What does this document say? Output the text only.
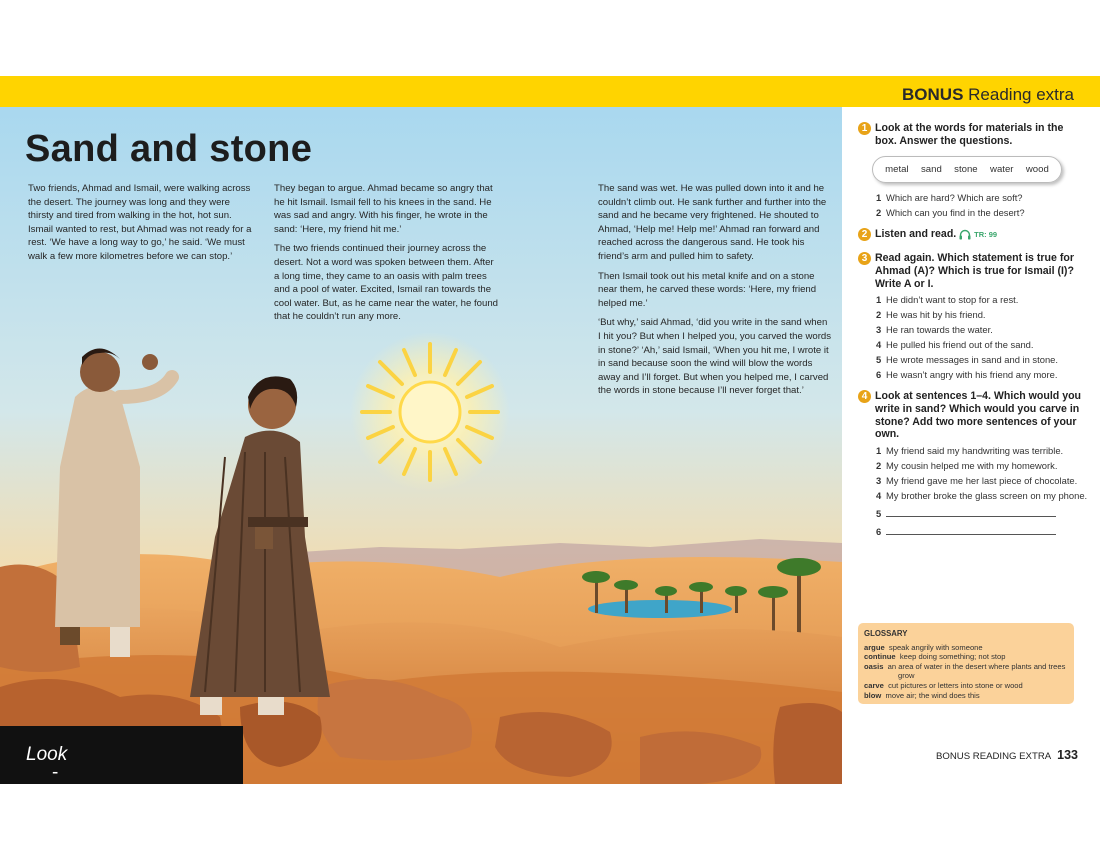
BONUS Reading extra
Sand and stone

Two friends, Ahmad and Ismail, were walking across the desert. The journey was long and they were thirsty and tired from walking in the hot, hot sun. Ismail wanted to rest, but Ahmad was not ready for a rest. ‘We have a long way to go,’ he said. ‘We must walk a few more kilometres before we can stop.’

They began to argue. Ahmad became so angry that he hit Ismail. Ismail fell to his knees in the sand. He was sad and angry. With his finger, he wrote in the sand: ‘Here, my friend hit me.’

The two friends continued their journey across the desert. Not a word was spoken between them. After a long time, they came to an oasis with palm trees and a pool of water. Excited, Ismail ran towards the cool water. But, as he came near the water, he found that he couldn’t run any more.

The sand was wet. He was pulled down into it and he couldn’t climb out. He sank further and further into the sand and he became very frightened. He shouted to Ahmad, ‘Help me! Help me!’ Ahmad ran forward and reached across the dangerous sand. He took his friend’s arm and pulled him to safety.

Then Ismail took out his metal knife and on a stone near them, he carved these words: ‘Here, my friend helped me.’

‘But why,’ said Ahmad, ‘did you write in the sand when I hit you? But when I helped you, you carved the words in stone?’ ‘Ah,’ said Ismail, ‘When you hit me, I wrote it in sand because soon the wind will blow the words away and I’ll forget. But when you helped me, I carved the words in stone because I’ll never forget that.’

Look
- Reading Extra
1 Look at the words for materials in the box. Answer the questions.
metal sand stone water wood
1 Which are hard? Which are soft?
2 Which can you find in the desert?
2 Listen and read. TR: 99
3 Read again. Which statement is true for Ahmad (A)? Which is true for Ismail (I)? Write A or I.
1 He didn’t want to stop for a rest.
2 He was hit by his friend.
3 He ran towards the water.
4 He pulled his friend out of the sand.
5 He wrote messages in sand and in stone.
6 He wasn’t angry with his friend any more.
4 Look at sentences 1–4. Which would you write in sand? Which would you carve in stone? Add two more sentences of your own.
1 My friend said my handwriting was terrible.
2 My cousin helped me with my homework.
3 My friend gave me her last piece of chocolate.
4 My brother broke the glass screen on my phone.
5
6
GLOSSARY
argue speak angrily with someone
continue keep doing something; not stop
oasis an area of water in the desert where plants and trees grow
carve cut pictures or letters into stone or wood
blow move air; the wind does this
BONUS READING EXTRA 133
